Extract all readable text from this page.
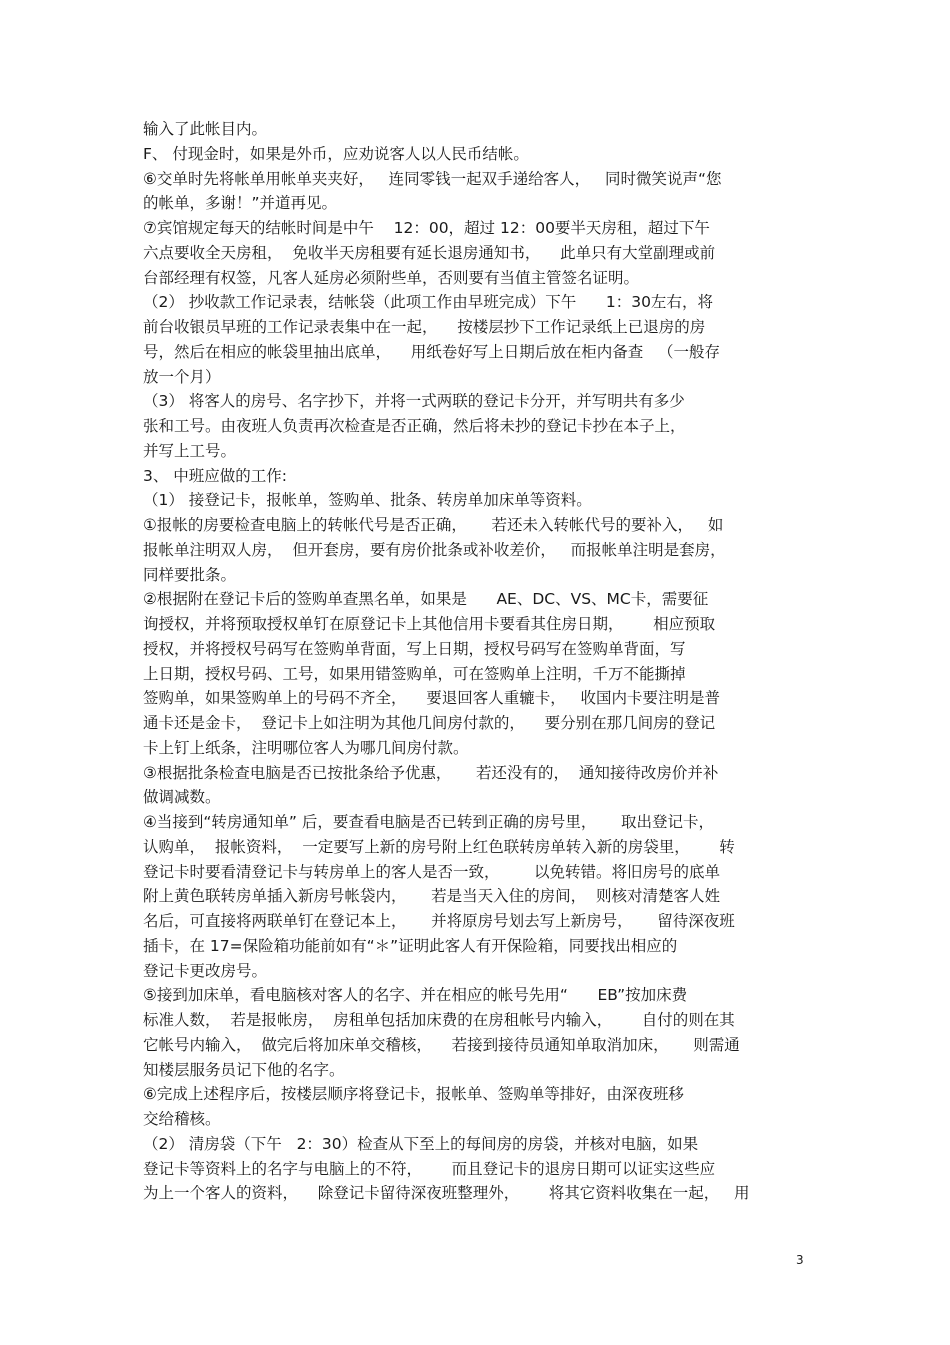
输入了此帐目内。

F、 付现金时，如果是外币，应劝说客人以人民币结帐。

⑥交单时先将帐单用帐单夹夹好，   连同零钱一起双手递给客人，   同时微笑说声“您

的帐单，多谢！”并道再见。

⑦宾馆规定每天的结帐时间是中午    12：00，超过 12：00要半天房租，超过下午

六点要收全天房租，  免收半天房租要有延长退房通知书，    此单只有大堂副理或前

台部经理有权签，凡客人延房必须附些单，否则要有当值主管签名证明。

（2） 抄收款工作记录表，结帐袋（此项工作由早班完成）下午      1：30左右，将

前台收银员早班的工作记录表集中在一起，    按楼层抄下工作记录纸上已退房的房

号，然后在相应的帐袋里抽出底单，    用纸卷好写上日期后放在柜内备查   （一般存

放一个月）

（3） 将客人的房号、名字抄下，并将一式两联的登记卡分开，并写明共有多少

张和工号。由夜班人负责再次检查是否正确，然后将未抄的登记卡抄在本子上，

并写上工号。

3、 中班应做的工作:

（1） 接登记卡，报帐单，签购单、批条、转房单加床单等资料。

①报帐的房要检查电脑上的转帐代号是否正确，     若还未入转帐代号的要补入，   如

报帐单注明双人房，  但开套房，要有房价批条或补收差价，   而报帐单注明是套房，

同样要批条。

②根据附在登记卡后的签购单查黑名单，如果是      AE、DC、VS、MC卡，需要征

询授权，并将预取授权单钉在原登记卡上其他信用卡要看其住房日期，      相应预取

授权，并将授权号码写在签购单背面，写上日期，授权号码写在签购单背面，写

上日期，授权号码、工号，如果用错签购单，可在签购单上注明，千万不能撕掉

签购单，如果签购单上的号码不齐全，    要退回客人重辘卡，   收国内卡要注明是普

通卡还是金卡，  登记卡上如注明为其他几间房付款的，    要分别在那几间房的登记

卡上钉上纸条，注明哪位客人为哪几间房付款。

③根据批条检查电脑是否已按批条给予优惠，     若还没有的，  通知接待改房价并补

做调减数。

④当接到“转房通知单” 后，要查看电脑是否已转到正确的房号里，     取出登记卡，

认购单，  报帐资料，  一定要写上新的房号附上红色联转房单转入新的房袋里，      转

登记卡时要看清登记卡与转房单上的客人是否一致，       以免转错。将旧房号的底单

附上黄色联转房单插入新房号帐袋内，     若是当天入住的房间，  则核对清楚客人姓

名后，可直接将两联单钉在登记本上，     并将原房号划去写上新房号，     留待深夜班

插卡，在 17=保险箱功能前如有“＊”证明此客人有开保险箱，同要找出相应的

登记卡更改房号。

⑤接到加床单，看电脑核对客人的名字、并在相应的帐号先用“      EB”按加床费

标准人数，  若是报帐房，  房租单包括加床费的在房租帐号内输入，      自付的则在其

它帐号内输入，  做完后将加床单交稽核，    若接到接待员通知单取消加床，     则需通

知楼层服务员记下他的名字。

⑥完成上述程序后，按楼层顺序将登记卡，报帐单、签购单等排好，由深夜班移

交给稽核。

（2） 清房袋（下午   2：30）检查从下至上的每间房的房袋，并核对电脑，如果

登记卡等资料上的名字与电脑上的不符，      而且登记卡的退房日期可以证实这些应

为上一个客人的资料，    除登记卡留待深夜班整理外，      将其它资料收集在一起，   用

3
